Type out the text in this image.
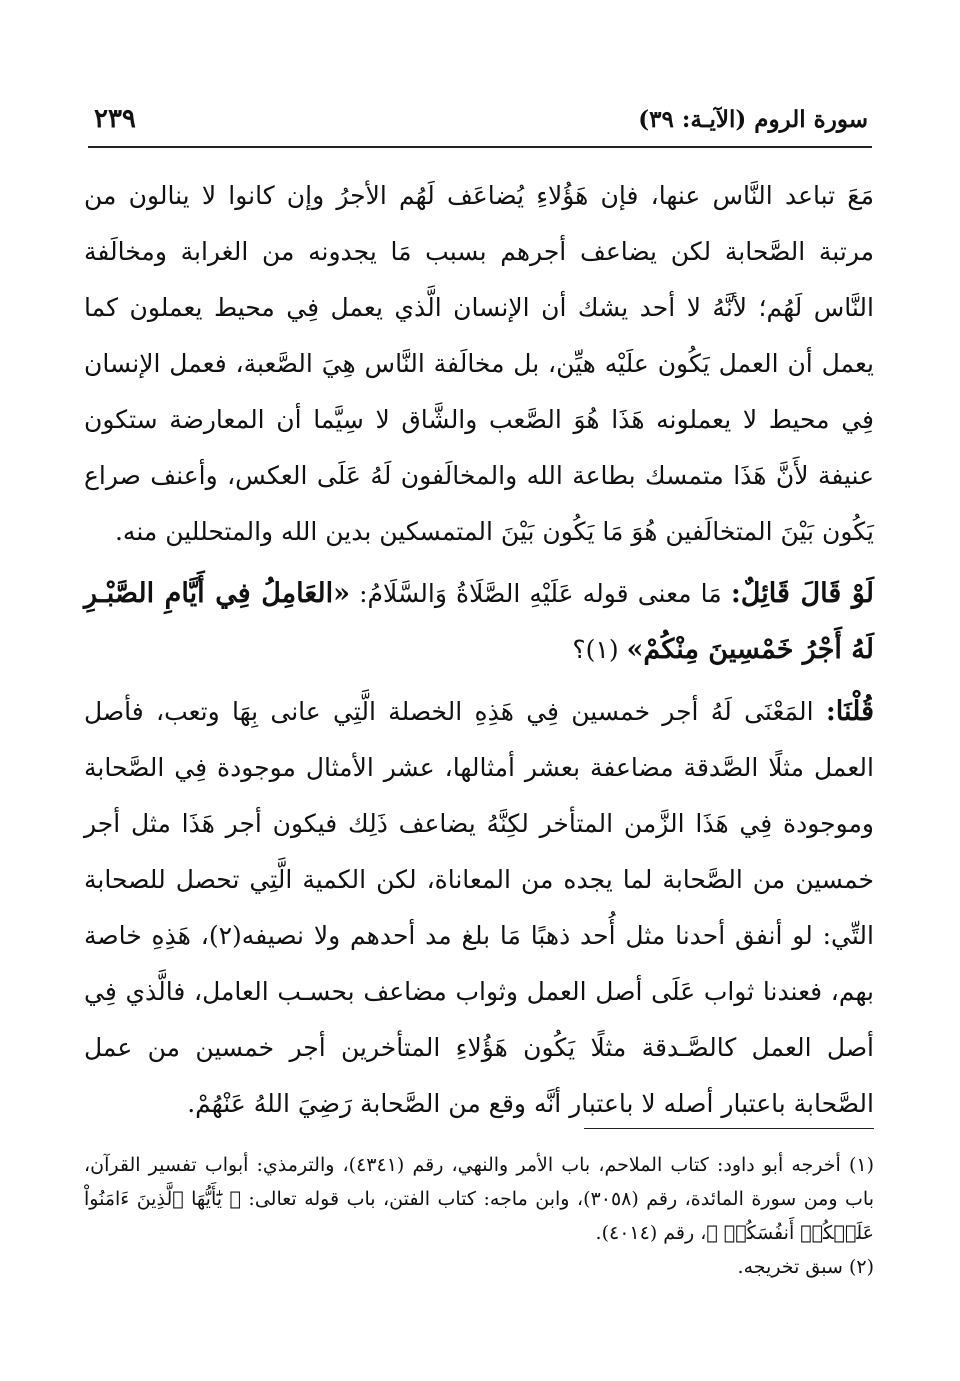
٢٣٩	سورة الروم (الآيـة: ٣٩)

مَعَ تباعد النَّاس عنها، فإن هَؤُلاءِ يُضاعَف لَهُم الأجرُ وإن كانوا لا ينالون من مرتبة الصَّحابة لكن يضاعف أجرهم بسبب مَا يجدونه من الغرابة ومخالَفة النَّاس لَهُم؛ لأنَّهُ لا أحد يشك أن الإنسان الَّذي يعمل فِي محيط يعملون كما يعمل أن العمل يَكُون علَيْه هيِّن، بل مخالَفة النَّاس هِيَ الصَّعبة، فعمل الإنسان فِي محيط لا يعملونه هَذَا هُوَ الصَّعب والشَّاق لا سِيَّما أن المعارضة ستكون عنيفة لأَنَّ هَذَا متمسك بطاعة الله والمخالَفون لَهُ عَلَى العكس، وأعنف صراع يَكُون بَيْنَ المتخالَفين هُوَ مَا يَكُون بَيْنَ المتمسكين بدين الله والمتحللين منه.

لَوْ قَالَ قَائِلٌ: مَا معنى قوله عَلَيْهِ الصَّلَاةُ وَالسَّلَامُ: «العَامِلُ فِي أَيَّامِ الصَّبْـرِ لَهُ أَجْرُ خَمْسِينَ مِنْكُمْ» (١)؟

قُلْنَا: المَعْنَى لَهُ أجر خمسين فِي هَذِهِ الخصلة الَّتِي عانى بِهَا وتعب، فأصل العمل مثلًا الصَّدقة مضاعفة بعشر أمثالها، عشر الأمثال موجودة فِي الصَّحابة وموجودة فِي هَذَا الزَّمن المتأخر لكِنَّهُ يضاعف ذَلِك فيكون أجر هَذَا مثل أجر خمسين من الصَّحابة لما يجده من المعاناة، لكن الكمية الَّتِي تحصل للصحابة التِّي: لو أنفق أحدنا مثل أُحد ذهبًا مَا بلغ مد أحدهم ولا نصيفه(٢)، هَذِهِ خاصة بهم، فعندنا ثواب عَلَى أصل العمل وثواب مضاعف بحسـب العامل، فالَّذي فِي أصل العمل كالصَّـدقة مثلًا يَكُون هَؤُلاءِ المتأخرين أجر خمسين من عمل الصَّحابة باعتبار أصله لا باعتبار أنَّه وقع من الصَّحابة رَضِيَ اللهُ عَنْهُمْ.

(١) أخرجه أبو داود: كتاب الملاحم، باب الأمر والنهي، رقم (٤٣٤١)، والترمذي: أبواب تفسير القرآن، باب ومن سورة المائدة، رقم (٣٠٥٨)، وابن ماجه: كتاب الفتن، باب قوله تعالى: ﴿ يَٰٓأَيُّهَا ٱلَّذِينَ ءَامَنُواْ عَلَيۡكُمۡ أَنفُسَكُمۡ ﴾، رقم (٤٠١٤).

(٢) سبق تخريجه.
